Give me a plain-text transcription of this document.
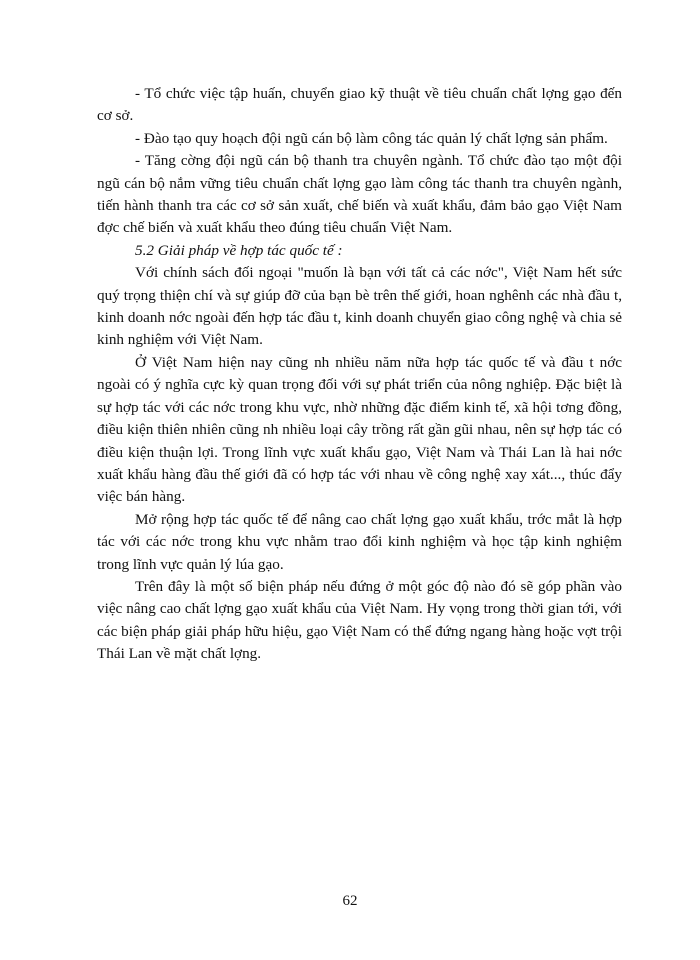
- Tổ chức việc tập huấn, chuyển giao kỹ thuật về tiêu chuẩn chất lợng gạo đến cơ sở.

- Đào tạo quy hoạch đội ngũ cán bộ làm công tác quản lý chất lợng sản phẩm.

- Tăng cờng đội ngũ cán bộ thanh tra chuyên ngành. Tổ chức đào tạo một đội ngũ cán bộ nắm vững tiêu chuẩn chất lợng gạo làm công tác thanh tra chuyên ngành, tiến hành thanh tra các cơ sở sản xuất, chế biến và xuất khẩu, đảm bảo gạo Việt Nam đợc chế biến và xuất khẩu theo đúng tiêu chuẩn Việt Nam.

5.2 Giải pháp về hợp tác quốc tế :

Với chính sách đối ngoại "muốn là bạn với tất cả các nớc", Việt Nam hết sức quý trọng thiện chí và sự giúp đỡ của bạn bè trên thế giới, hoan nghênh các nhà đầu t, kinh doanh nớc ngoài đến hợp tác đầu t, kinh doanh chuyển giao công nghệ và chia sẻ kinh nghiệm với Việt Nam.

Ở Việt Nam hiện nay cũng nh nhiều năm nữa hợp tác quốc tế và đầu t nớc ngoài có ý nghĩa cực kỳ quan trọng đối với sự phát triển của nông nghiệp. Đặc biệt là sự hợp tác với các nớc trong khu vực, nhờ những đặc điểm kinh tế, xã hội tơng đồng, điều kiện thiên nhiên cũng nh nhiều loại cây trồng rất gần gũi nhau, nên sự hợp tác có điều kiện thuận lợi. Trong lĩnh vực xuất khẩu gạo, Việt Nam và Thái Lan là hai nớc xuất khẩu hàng đầu thế giới đã có hợp tác với nhau về công nghệ xay xát..., thúc đẩy việc bán hàng.

Mở rộng hợp tác quốc tế để nâng cao chất lợng gạo xuất khẩu, trớc mắt là hợp tác với các nớc trong khu vực nhằm trao đổi kinh nghiệm và học tập kinh nghiệm trong lĩnh vực quản lý lúa gạo.

Trên đây là một số biện pháp nếu đứng ở một góc độ nào đó sẽ góp phần vào việc nâng cao chất lợng gạo xuất khẩu của Việt Nam. Hy vọng trong thời gian tới, với các biện pháp giải pháp hữu hiệu, gạo Việt Nam có thể đứng ngang hàng hoặc vợt trội Thái Lan về mặt chất lợng.

62
